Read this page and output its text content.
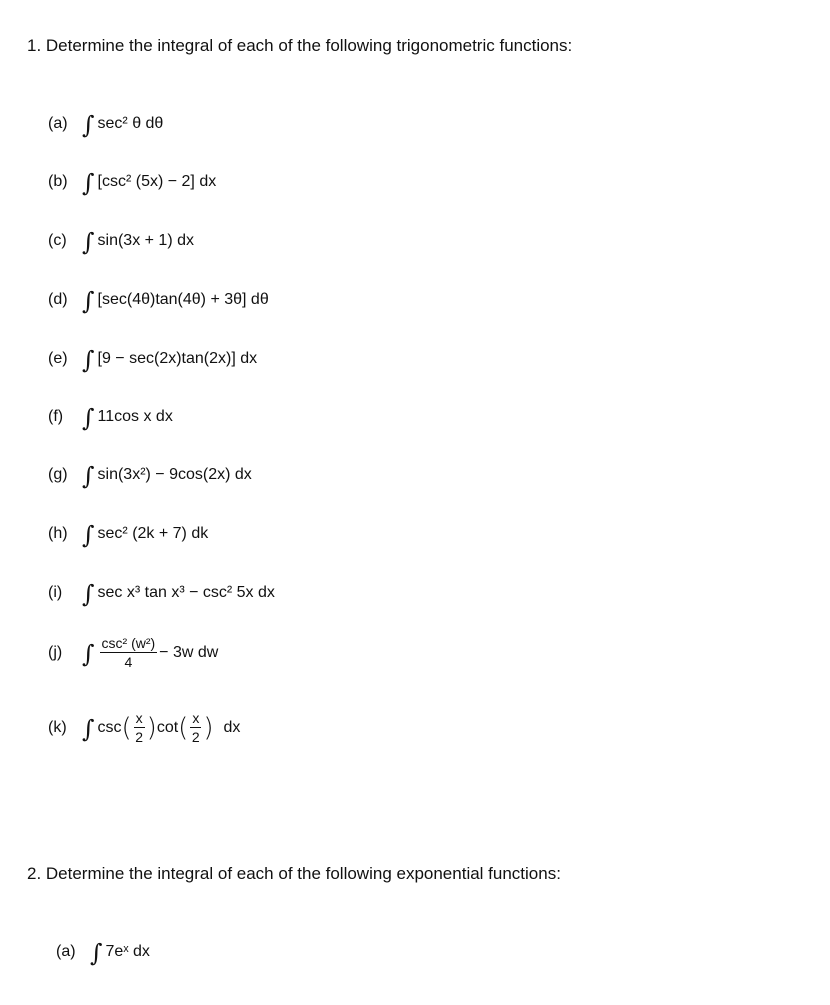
1. Determine the integral of each of the following trigonometric functions:
(a) ∫ sec² θ dθ
(b) ∫ [csc² (5x) − 2] dx
(c) ∫ sin(3x + 1) dx
(d) ∫ [sec(4θ)tan(4θ) + 3θ] dθ
(e) ∫ [9 − sec(2x)tan(2x)] dx
(f) ∫ 11cos x dx
(g) ∫ sin(3x²) − 9cos(2x) dx
(h) ∫ sec² (2k + 7) dk
(i) ∫ sec x³ tan x³ − csc² 5x dx
(j) ∫ $\frac{\text{csc² (w²)}}{4} - 3w$ dw
(k) ∫ csc ( $\frac{x}{2}$ ) cot ( $\frac{x}{2}$ ) dx
2. Determine the integral of each of the following exponential functions:
(a) ∫ 7eˣ dx
